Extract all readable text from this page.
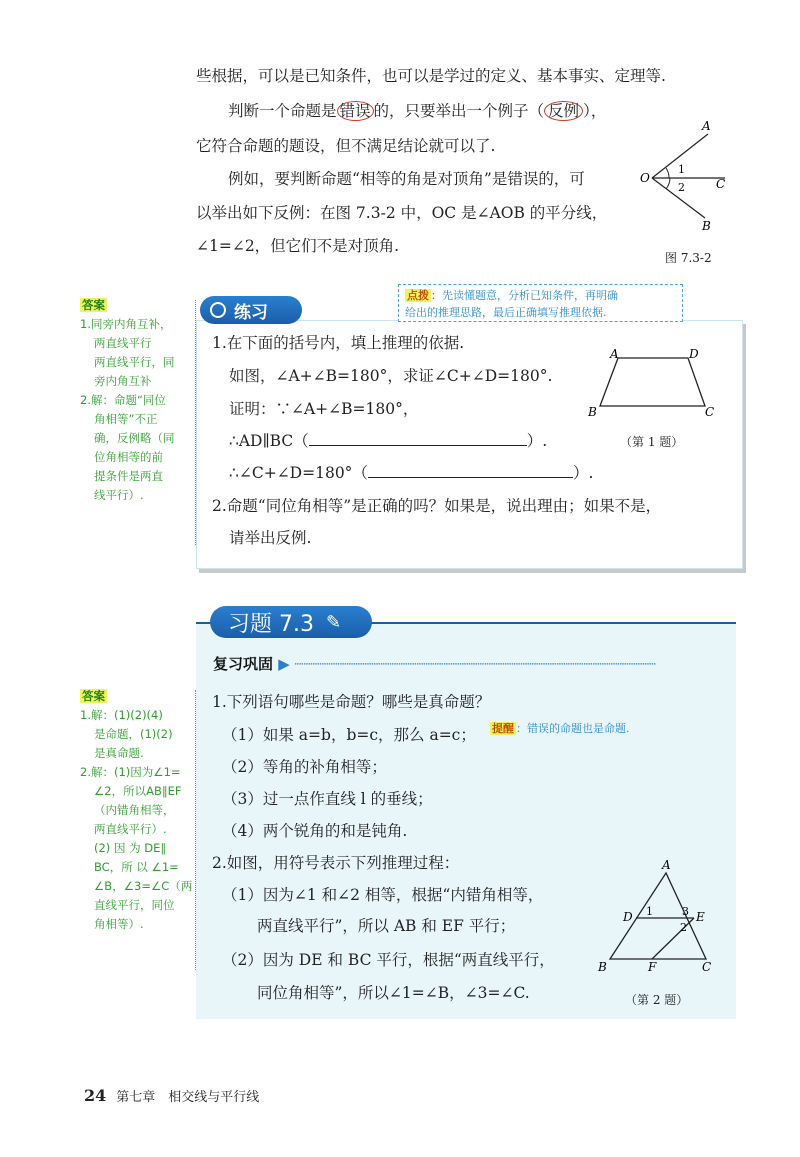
些根据，可以是已知条件，也可以是学过的定义、基本事实、定理等.
判断一个命题是 错误 的，只要举出一个例子（ 反例 ），
它符合命题的题设，但不满足结论就可以了.
例如，要判断命题“相等的角是对顶角”是错误的，可
以举出如下反例：在图 7.3-2 中，OC 是∠AOB 的平分线，
∠1=∠2，但它们不是对顶角.
A
O	C
B
1
2
图 7.3-2
答案
1.同旁内角互补，
两直线平行
两直线平行，同
旁内角互补
2.解：命题“同位
角相等”不正
确，反例略（同
位角相等的前
提条件是两直
线平行）.
点拨 ：先读懂题意，分析已知条件，再明确
给出的推理思路，最后正确填写推理依据.
练习
1.在下面的括号内，填上推理的依据.
如图，∠A+∠B=180°，求证∠C+∠D=180°.
证明：∵∠A+∠B=180°，
∴AD∥BC（	）.
∴∠C+∠D=180°（	）.
2.命题“同位角相等”是正确的吗？如果是，说出理由；如果不是，
请举出反例.
A	D
B	C
（第 1 题）
习题 7.3 ✎
复习巩固 ▶ ┈┈┈┈┈┈┈┈┈┈┈┈┈┈┈┈┈┈┈┈┈┈┈┈┈┈┈┈┈┈┈┈┈┈┈┈┈┈┈┈
答案
1.解：(1)(2)(4)
是命题，(1)(2)
是真命题.
2.解：(1)因为∠1=
∠2，所以AB∥EF
（内错角相等，
两直线平行）.
(2) 因 为 DE∥
BC，所 以 ∠1=
∠B，∠3=∠C（两
直线平行，同位
角相等）.
1.下列语句哪些是命题？哪些是真命题？
提醒 ：错误的命题也是命题.
（1）如果 a=b，b=c，那么 a=c；
（2）等角的补角相等；
（3）过一点作直线 l 的垂线；
（4）两个锐角的和是钝角.
2.如图，用符号表示下列推理过程：
（1）因为∠1 和∠2 相等，根据“内错角相等，
两直线平行”，所以 AB 和 EF 平行；
（2）因为 DE 和 BC 平行，根据“两直线平行，
同位角相等”，所以∠1=∠B，∠3=∠C.
A
D	E
B	F	C
1	3
2
（第 2 题）
24 第七章　相交线与平行线
